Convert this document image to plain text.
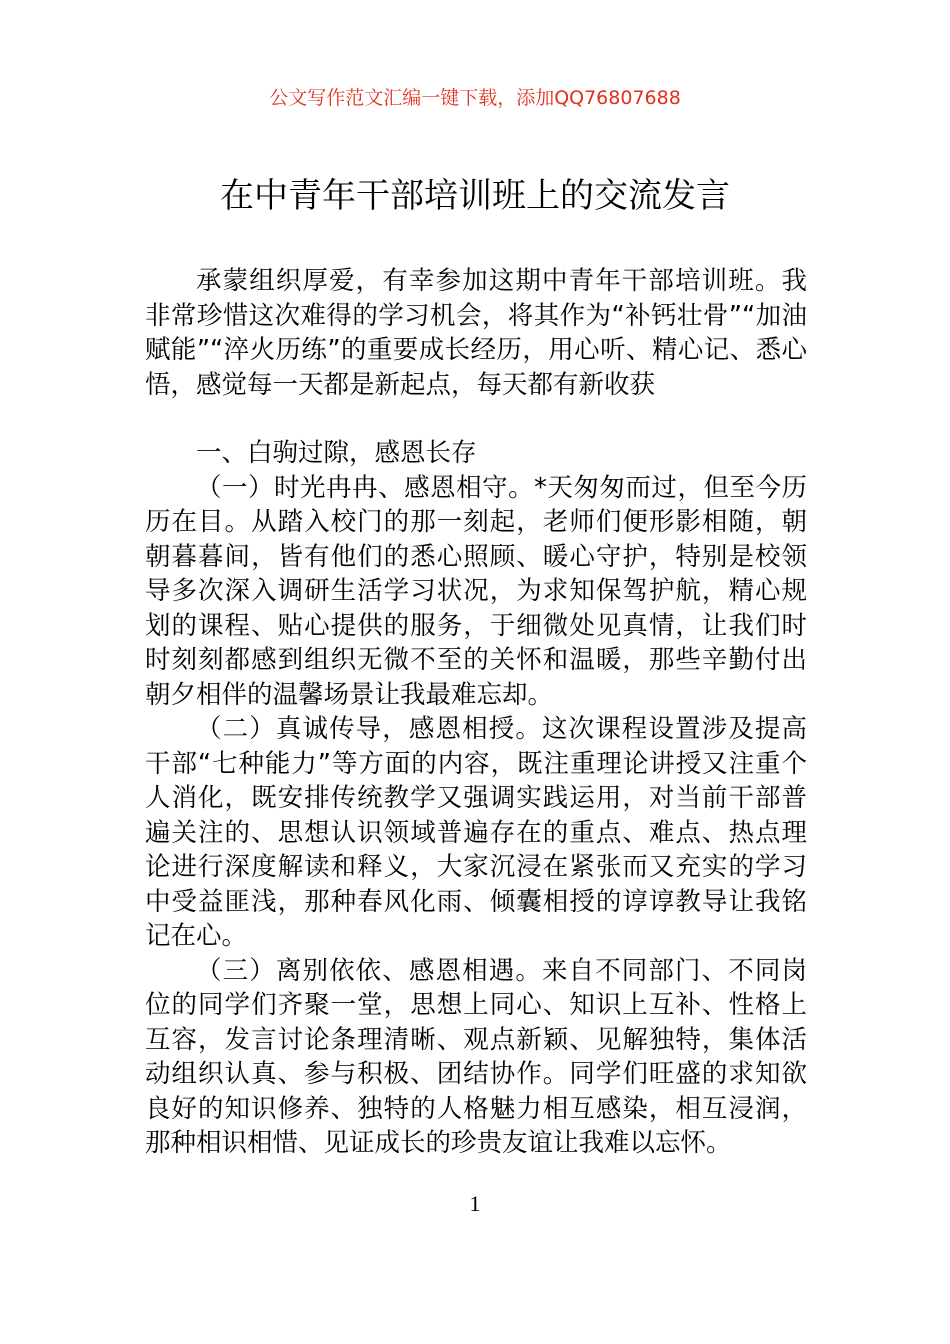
公文写作范文汇编一键下载，添加QQ76807688
在中青年干部培训班上的交流发言

承蒙组织厚爱，有幸参加这期中青年干部培训班。我非常珍惜这次难得的学习机会，将其作为“补钙壮骨”“加油赋能”“淬火历练”的重要成长经历，用心听、精心记、悉心悟，感觉每一天都是新起点，每天都有新收获

一、白驹过隙，感恩长存

（一）时光冉冉、感恩相守。*天匆匆而过，但至今历历在目。从踏入校门的那一刻起，老师们便形影相随，朝朝暮暮间，皆有他们的悉心照顾、暖心守护，特别是校领导多次深入调研生活学习状况，为求知保驾护航，精心规划的课程、贴心提供的服务，于细微处见真情，让我们时时刻刻都感到组织无微不至的关怀和温暖，那些辛勤付出朝夕相伴的温馨场景让我最难忘却。

（二）真诚传导，感恩相授。这次课程设置涉及提高干部“七种能力”等方面的内容，既注重理论讲授又注重个人消化，既安排传统教学又强调实践运用，对当前干部普遍关注的、思想认识领域普遍存在的重点、难点、热点理论进行深度解读和释义，大家沉浸在紧张而又充实的学习中受益匪浅，那种春风化雨、倾囊相授的谆谆教导让我铭记在心。

（三）离别依依、感恩相遇。来自不同部门、不同岗位的同学们齐聚一堂，思想上同心、知识上互补、性格上互容，发言讨论条理清晰、观点新颖、见解独特，集体活动组织认真、参与积极、团结协作。同学们旺盛的求知欲良好的知识修养、独特的人格魅力相互感染，相互浸润，那种相识相惜、见证成长的珍贵友谊让我难以忘怀。

1
